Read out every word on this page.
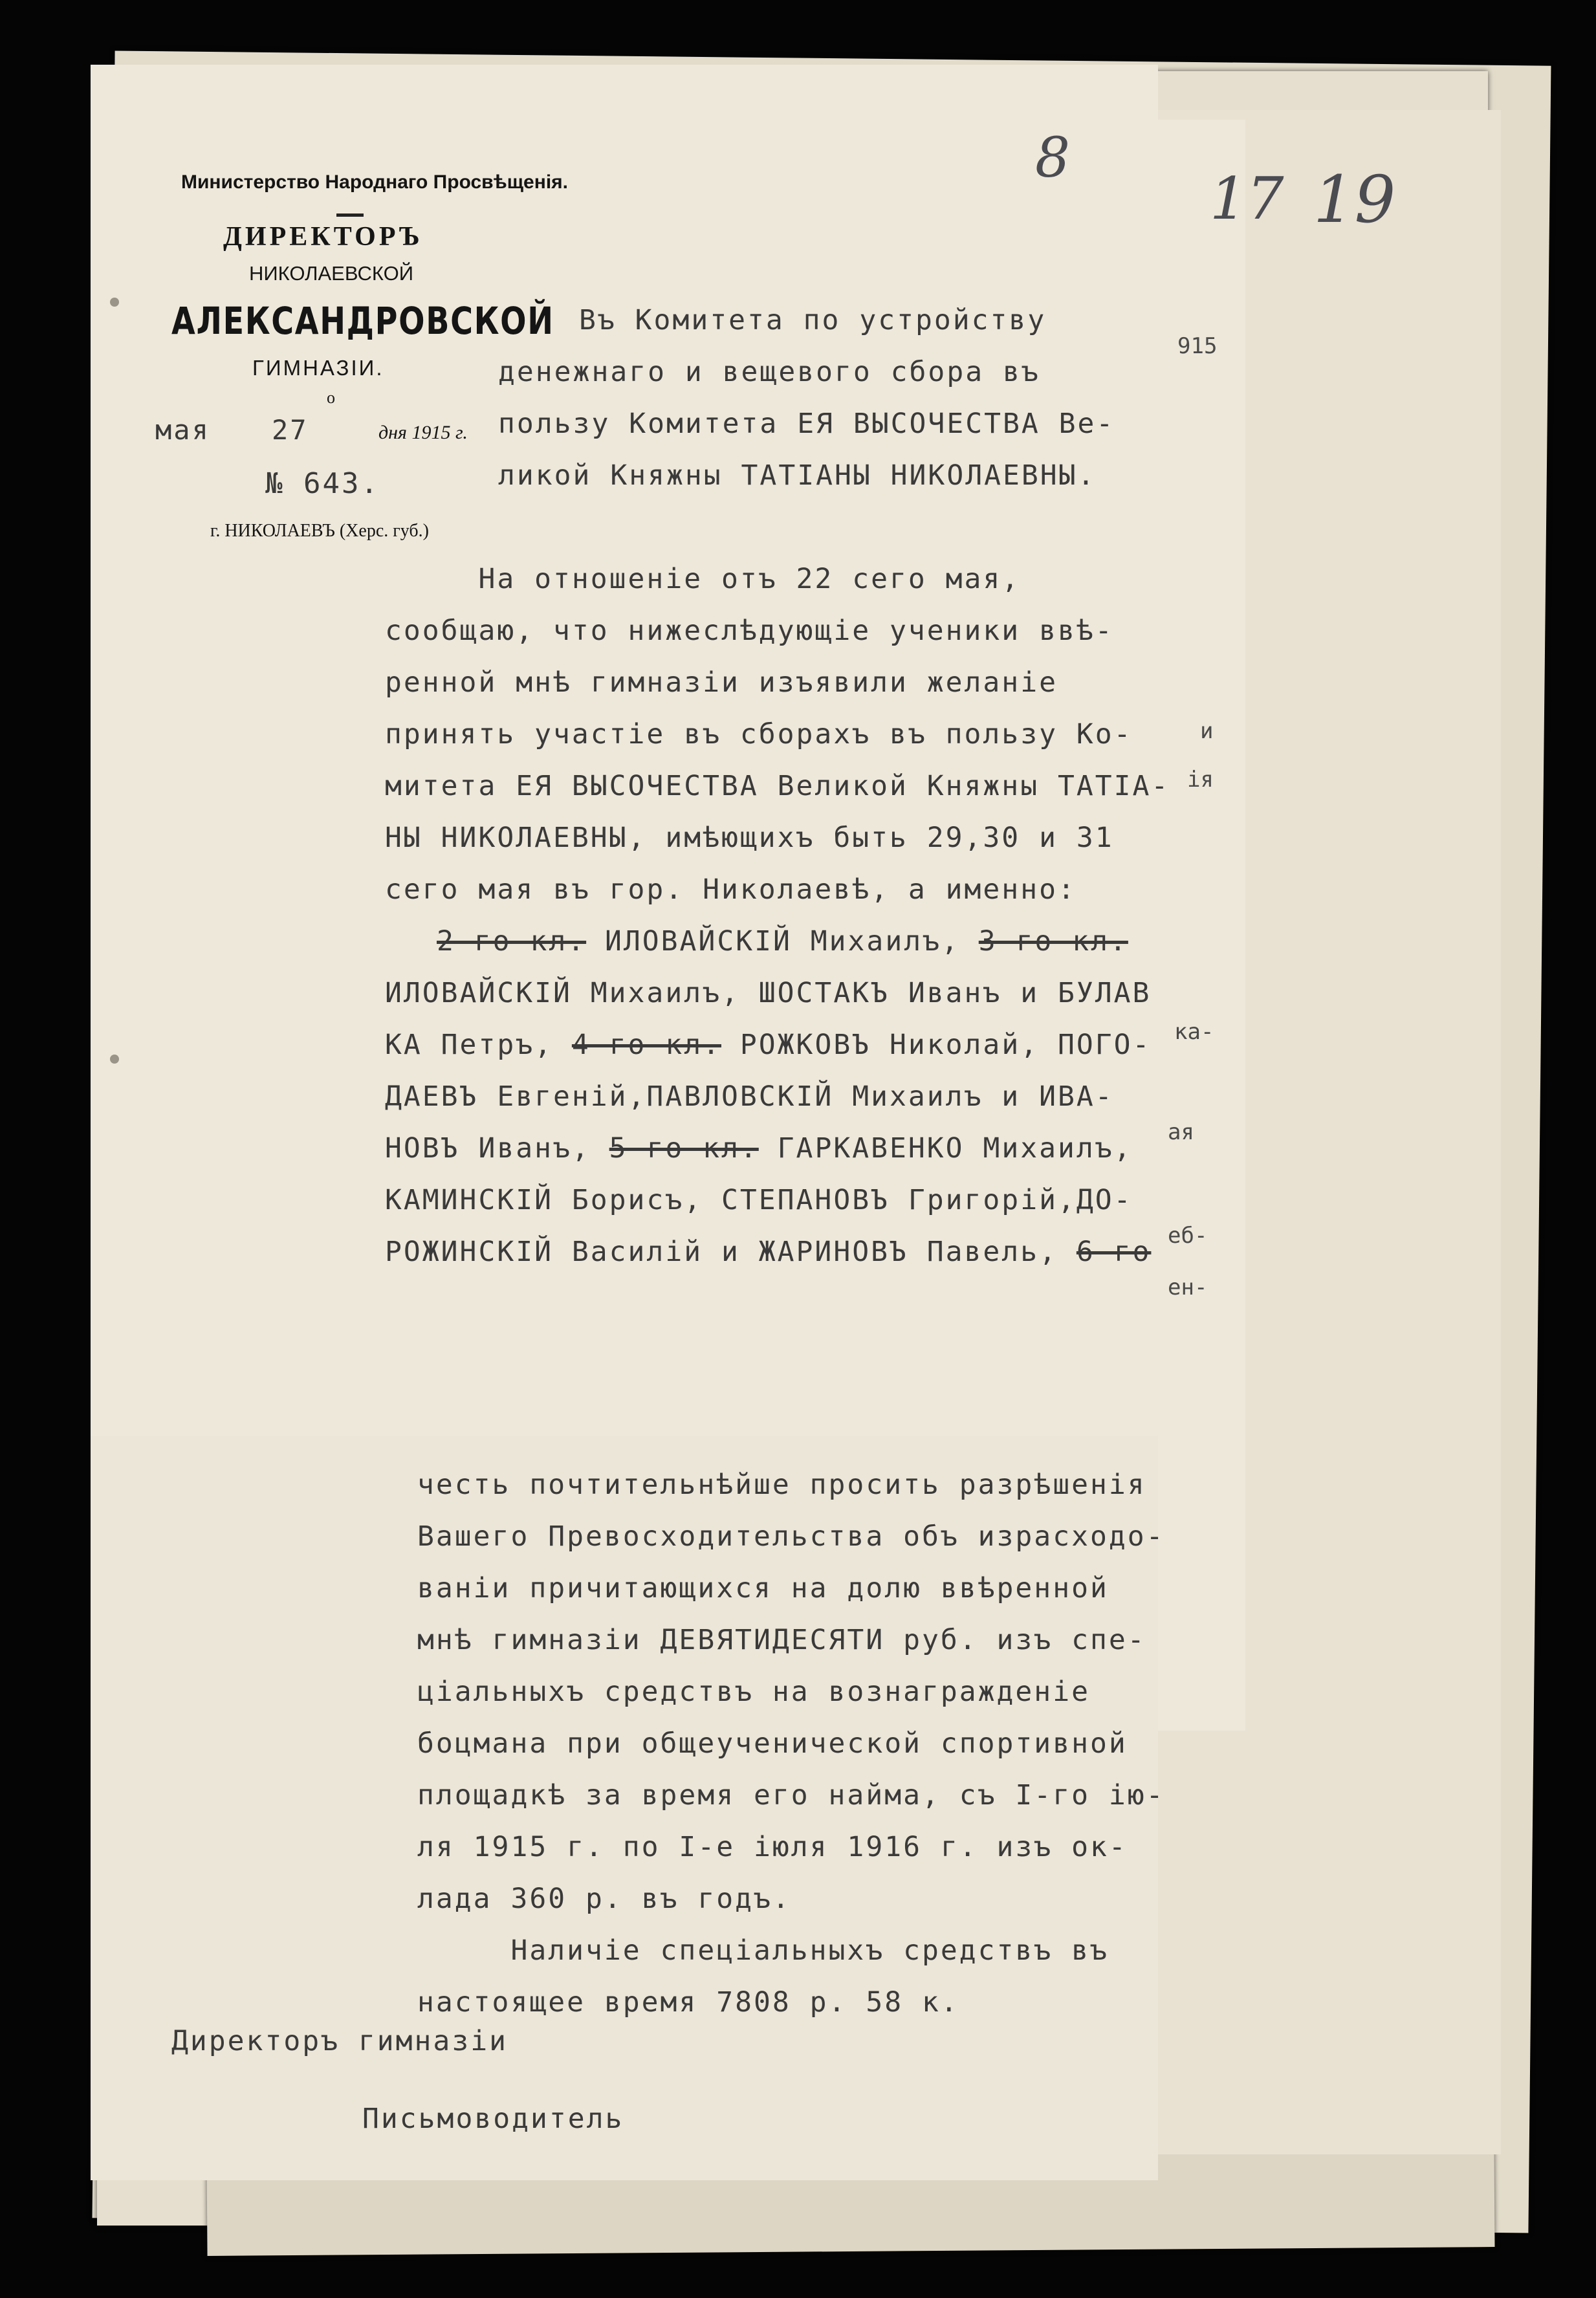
19
17
915
честь почтительнѣйше просить разрѣшенія
Вашего Превосходительства объ израсходо-
ваніи причитающихся на долю ввѣренной
мнѣ гимназіи ДЕВЯТИДЕСЯТИ руб. изъ спе-
ціальныхъ средствъ на вознагражденіе
боцмана при общеученической спортивной
площадкѣ за время его найма, съ І-го ію-
ля 1915 г. по І-е іюля 1916 г. изъ ок-
лада 360 р. въ годъ.
Наличіе спеціальныхъ средствъ въ
настоящее время 7808 р. 58 к.
Директоръ гимназіи
Письмоводитель
8
Министерство Народнаго Просвѣщенія.
ДИРЕКТОРЪ
НИКОЛАЕВСКОЙ
АЛЕКСАНДРОВСКОЙ
ГИМНАЗІИ.
о
мая 27	дня 1915 г.
№ 643.
г. НИКОЛАЕВЪ (Херс. губ.)
Въ Комитета по устройству
денежнаго и вещевого сбора въ
пользу Комитета ЕЯ ВЫСОЧЕСТВА Ве-
ликой Княжны ТАТІАНЫ НИКОЛАЕВНЫ.
На отношеніе отъ 22 сего мая,
сообщаю, что нижеслѣдующіе ученики ввѣ-
ренной мнѣ гимназіи изъявили желаніе
принять участіе въ сборахъ въ пользу Ко-
митета ЕЯ ВЫСОЧЕСТВА Великой Княжны ТАТІА-
НЫ НИКОЛАЕВНЫ, имѣющихъ быть 29,30 и 31
сего мая въ гор. Николаевѣ, а именно:
2-го кл. ИЛОВАЙСКІЙ Михаилъ, 3-го кл.
ИЛОВАЙСКІЙ Михаилъ, ШОСТАКЪ Иванъ и БУЛАВ
КА Петръ, 4-го кл. РОЖКОВЪ Николай, ПОГО-
ДАЕВЪ Евгеній,ПАВЛОВСКІЙ Михаилъ и ИВА-
НОВЪ Иванъ, 5-го кл. ГАРКАВЕНКО Михаилъ,
КАМИНСКІЙ Борисъ, СТЕПАНОВЪ Григорій,ДО-
РОЖИНСКІЙ Василій и ЖАРИНОВЪ Павель, 6-го
и
ія
ка-
ая
еб-
ен-
